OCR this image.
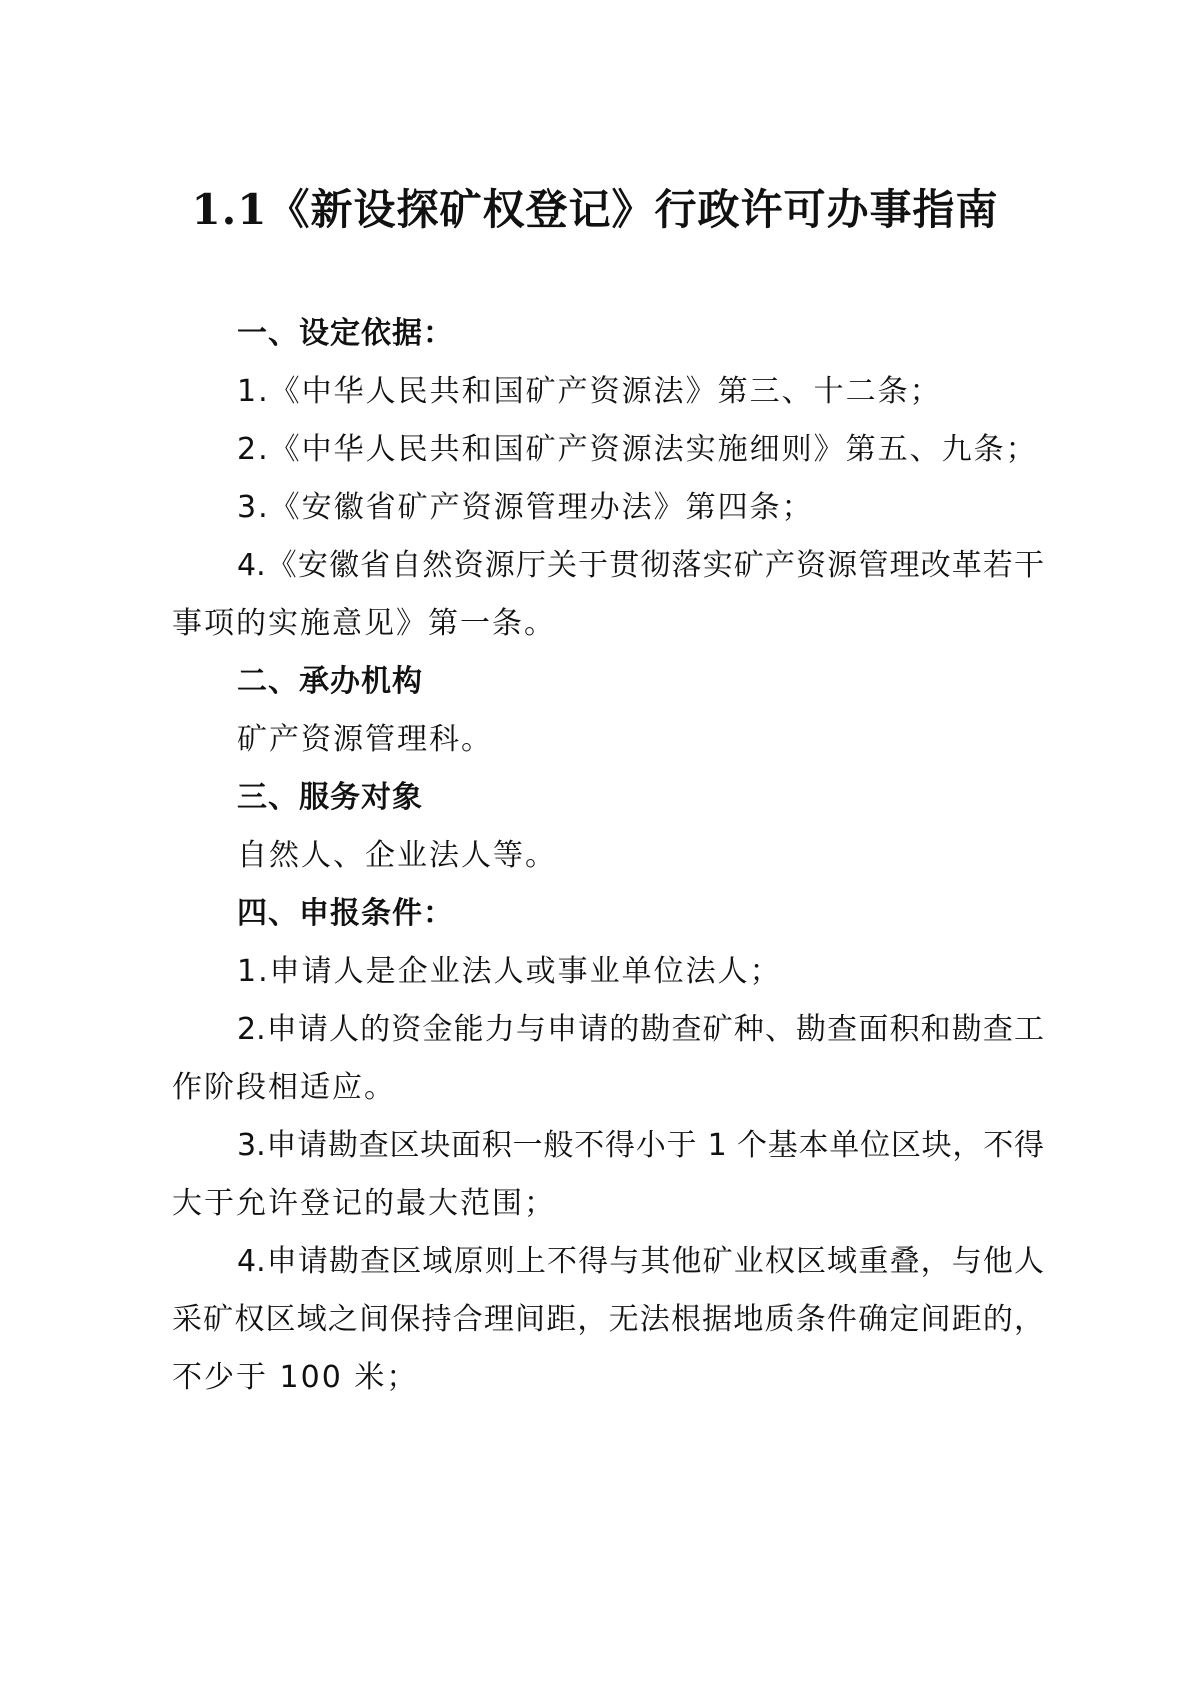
1.1《新设探矿权登记》行政许可办事指南
一、设定依据：
1.《中华人民共和国矿产资源法》第三、十二条；
2.《中华人民共和国矿产资源法实施细则》第五、九条；
3.《安徽省矿产资源管理办法》第四条；
4.《安徽省自然资源厅关于贯彻落实矿产资源管理改革若干
事项的实施意见》第一条。
二、承办机构
矿产资源管理科。
三、服务对象
自然人、企业法人等。
四、申报条件：
1.申请人是企业法人或事业单位法人；
2.申请人的资金能力与申请的勘查矿种、勘查面积和勘查工
作阶段相适应。
3.申请勘查区块面积一般不得小于 1 个基本单位区块，不得
大于允许登记的最大范围；
4.申请勘查区域原则上不得与其他矿业权区域重叠，与他人
采矿权区域之间保持合理间距，无法根据地质条件确定间距的，
不少于 100 米；
